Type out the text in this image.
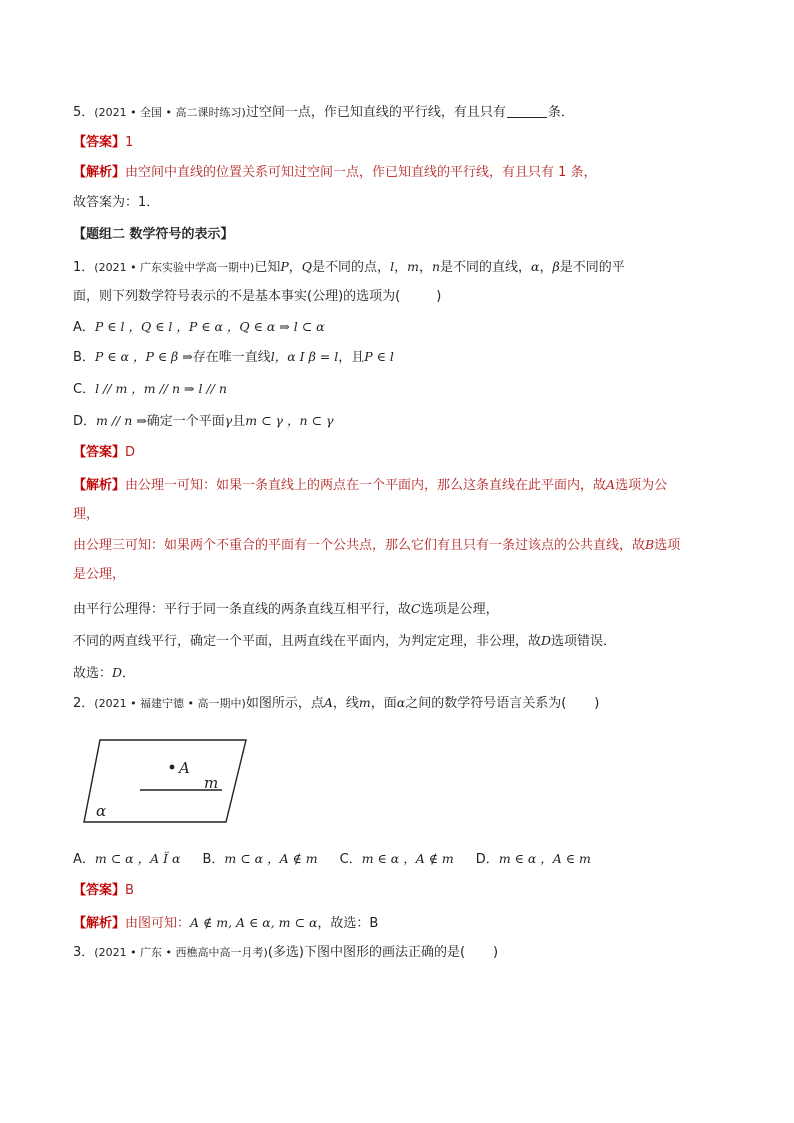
5．(2021 • 全国 • 高二课时练习)过空间一点，作已知直线的平行线，有且只有	条．
【答案】1
【解析】由空间中直线的位置关系可知过空间一点，作已知直线的平行线，有且只有 1 条，
故答案为：1．
【题组二 数学符号的表示】
1．(2021 • 广东实验中学高一期中)已知P，Q是不同的点，l，m，n是不同的直线，α，β是不同的平
面，则下列数学符号表示的不是基本事实(公理)的选项为(	)
A．P ∈ l ，Q ∈ l ，P ∈ α ，Q ∈ α ⇒ l ⊂ α
B．P ∈ α ，P ∈ β ⇒存在唯一直线l，α I β = l，且P ∈ l
C．l // m ，m // n ⇒ l // n
D．m // n ⇒确定一个平面γ且m ⊂ γ ，n ⊂ γ
【答案】D
【解析】由公理一可知：如果一条直线上的两点在一个平面内，那么这条直线在此平面内，故A选项为公
理，
由公理三可知：如果两个不重合的平面有一个公共点，那么它们有且只有一条过该点的公共直线，故B选项
是公理，
由平行公理得：平行于同一条直线的两条直线互相平行，故C选项是公理，
不同的两直线平行，确定一个平面，且两直线在平面内，为判定定理，非公理，故D选项错误．
故选：D．
2．(2021 • 福建宁德 • 高一期中)如图所示，点A，线m，面α之间的数学符号语言关系为( )
A
m
α
A．m ⊂ α ，A Ï α B．m ⊂ α ，A ∉ m C．m ∈ α ，A ∉ m D．m ∈ α ，A ∈ m
【答案】B
【解析】由图可知：A ∉ m, A ∈ α, m ⊂ α，故选：B
3．(2021 • 广东 • 西樵高中高一月考)(多选)下图中图形的画法正确的是( )
